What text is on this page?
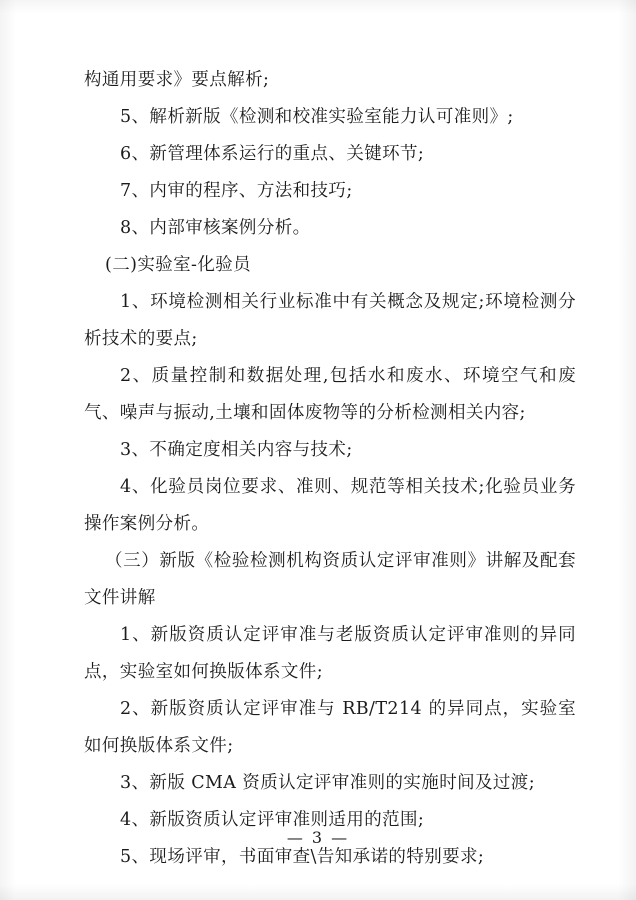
构通用要求》要点解析;

5、解析新版《检测和校准实验室能力认可准则》;

6、新管理体系运行的重点、关键环节;

7、内审的程序、方法和技巧;

8、内部审核案例分析。

(二)实验室-化验员

1、环境检测相关行业标准中有关概念及规定;环境检测分析技术的要点;

2、质量控制和数据处理,包括水和废水、环境空气和废气、噪声与振动,土壤和固体废物等的分析检测相关内容;

3、不确定度相关内容与技术;

4、化验员岗位要求、准则、规范等相关技术;化验员业务操作案例分析。

（三）新版《检验检测机构资质认定评审准则》讲解及配套文件讲解

1、新版资质认定评审准与老版资质认定评审准则的异同点，实验室如何换版体系文件;

2、新版资质认定评审准与 RB/T214 的异同点，实验室如何换版体系文件;

3、新版 CMA 资质认定评审准则的实施时间及过渡;

4、新版资质认定评审准则适用的范围;

5、现场评审，书面审查\告知承诺的特别要求;

— 3 —
